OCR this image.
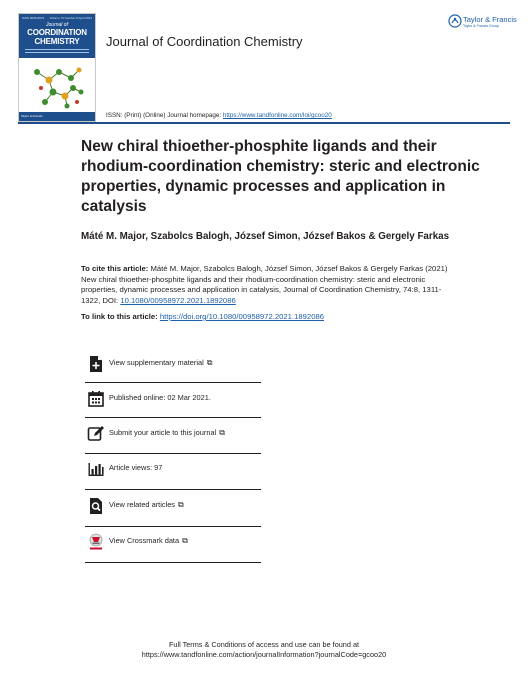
ISSN 0095-8972 Volume 74 Number 8 April 2021
Journal of
COORDINATION
CHEMISTRY
Taylor & Francis
Journal of Coordination Chemistry
Taylor & Francis
Taylor & Francis Group
ISSN: (Print) (Online) Journal homepage: https://www.tandfonline.com/loi/gcoo20
New chiral thioether-phosphite ligands and their rhodium-coordination chemistry: steric and electronic properties, dynamic processes and application in catalysis
Máté M. Major, Szabolcs Balogh, József Simon, József Bakos & Gergely Farkas
To cite this article: Máté M. Major, Szabolcs Balogh, József Simon, József Bakos & Gergely Farkas (2021) New chiral thioether-phosphite ligands and their rhodium-coordination chemistry: steric and electronic properties, dynamic processes and application in catalysis, Journal of Coordination Chemistry, 74:8, 1311-1322, DOI: 10.1080/00958972.2021.1892086
To link to this article: https://doi.org/10.1080/00958972.2021.1892086
View supplementary material ⧉
Published online: 02 Mar 2021.
Submit your article to this journal ⧉
Article views: 97
View related articles ⧉
View Crossmark data ⧉
Full Terms & Conditions of access and use can be found at
https://www.tandfonline.com/action/journalInformation?journalCode=gcoo20
